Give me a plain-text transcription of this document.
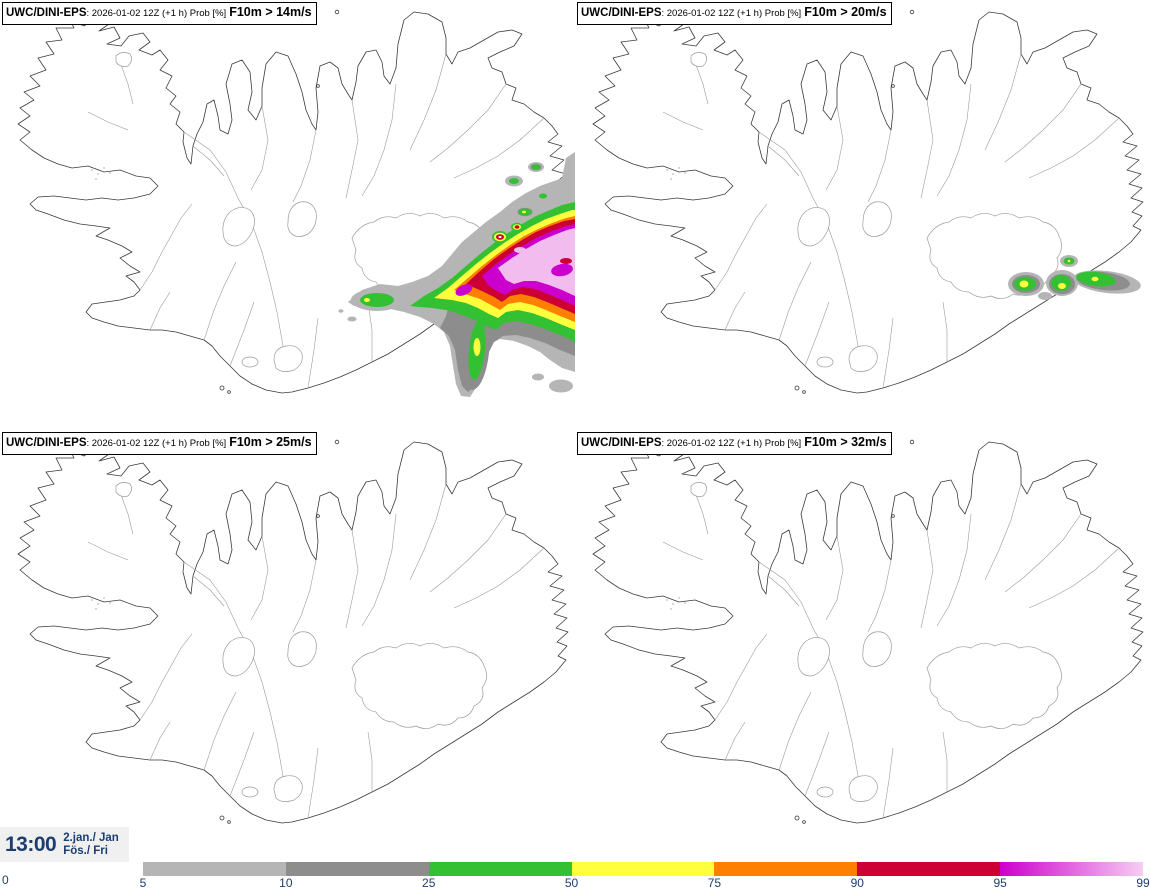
UWC/DINI-EPS: 2026-01-02 12Z (+1 h) Prob [%] F10m > 14m/s	UWC/DINI-EPS: 2026-01-02 12Z (+1 h) Prob [%] F10m > 20m/s
UWC/DINI-EPS: 2026-01-02 12Z (+1 h) Prob [%] F10m > 25m/s	UWC/DINI-EPS: 2026-01-02 12Z (+1 h) Prob [%] F10m > 32m/s
13:00 2.jan./ Jan
Fös./ Fri
0	5	10	25	50	75	90	95	99
